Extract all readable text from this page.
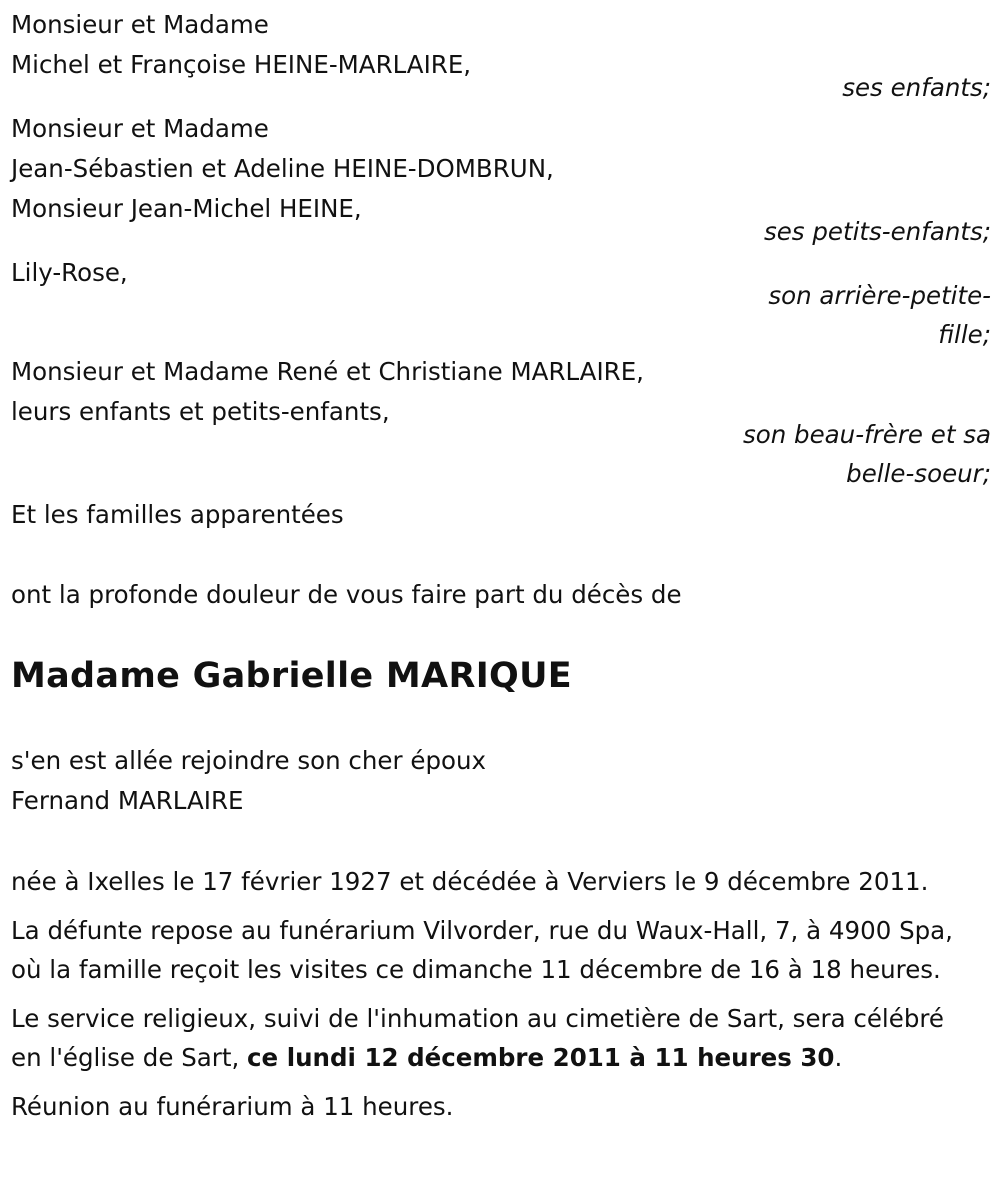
Monsieur et Madame
Michel et Françoise HEINE-MARLAIRE,
ses enfants;
Monsieur et Madame
Jean-Sébastien et Adeline HEINE-DOMBRUN,
Monsieur Jean-Michel HEINE,
ses petits-enfants;
Lily-Rose,
son arrière-petite-
fille;
Monsieur et Madame René et Christiane MARLAIRE,
leurs enfants et petits-enfants,
son beau-frère et sa
belle-soeur;
Et les familles apparentées
ont la profonde douleur de vous faire part du décès de
Madame Gabrielle MARIQUE
s'en est allée rejoindre son cher époux
Fernand MARLAIRE
née à Ixelles le 17 février 1927 et décédée à Verviers le 9 décembre 2011.
La défunte repose au funérarium Vilvorder, rue du Waux-Hall, 7, à 4900 Spa, où la famille reçoit les visites ce dimanche 11 décembre de 16 à 18 heures.
Le service religieux, suivi de l'inhumation au cimetière de Sart, sera célébré en l'église de Sart, ce lundi 12 décembre 2011 à 11 heures 30.
Réunion au funérarium à 11 heures.
